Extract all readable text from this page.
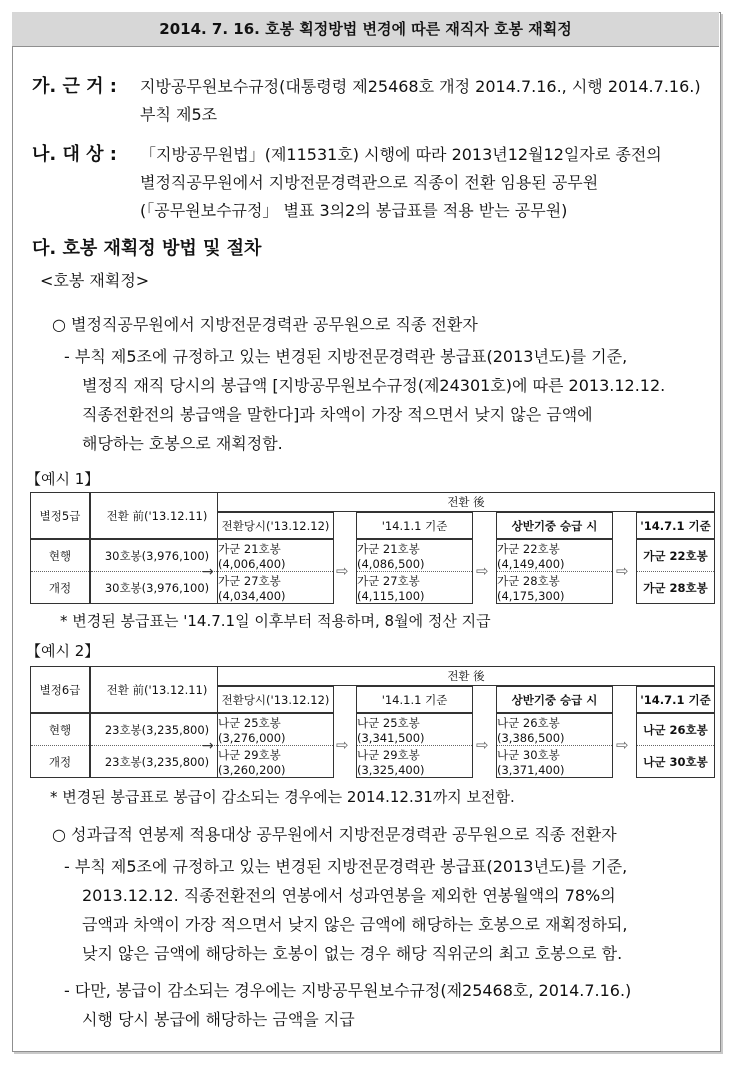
2014. 7. 16. 호봉 획정방법 변경에 따른 재직자 호봉 재획정
가. 근 거 : 지방공무원보수규정(대통령령 제25468호 개정 2014.7.16., 시행 2014.7.16.)
부칙 제5조
나. 대 상 : 「지방공무원법」(제11531호) 시행에 따라 2013년12월12일자로 종전의
별정직공무원에서 지방전문경력관으로 직종이 전환 임용된 공무원
(「공무원보수규정」 별표 3의2의 봉급표를 적용 받는 공무원)
다. 호봉 재획정 방법 및 절차
<호봉 재획정>
○ 별정직공무원에서 지방전문경력관 공무원으로 직종 전환자
- 부칙 제5조에 규정하고 있는 변경된 지방전문경력관 봉급표(2013년도)를 기준,
별정직 재직 당시의 봉급액 [지방공무원보수규정(제24301호)에 따른 2013.12.12.
직종전환전의 봉급액을 말한다]과 차액이 가장 적으면서 낮지 않은 금액에
해당하는 호봉으로 재획정함.
【예시 1】
별정5급	전환 前('13.12.11)
현행
개정
30호봉(3,976,100)
30호봉(3,976,100)
→
전환 後
전환당시('13.12.12)
가군 21호봉(4,006,400)
가군 27호봉(4,034,400)
⇨
'14.1.1 기준
가군 21호봉(4,086,500)
가군 27호봉(4,115,100)
⇨
상반기중 승급 시
가군 22호봉(4,149,400)
가군 28호봉(4,175,300)
⇨
'14.7.1 기준
가군 22호봉
가군 28호봉
* 변경된 봉급표는 '14.7.1일 이후부터 적용하며, 8월에 정산 지급
【예시 2】
별정6급	전환 前('13.12.11)
현행
개정
23호봉(3,235,800)
23호봉(3,235,800)
→
전환 後
전환당시('13.12.12)
나군 25호봉(3,276,000)
나군 29호봉(3,260,200)
⇨
'14.1.1 기준
나군 25호봉(3,341,500)
나군 29호봉(3,325,400)
⇨
상반기중 승급 시
나군 26호봉(3,386,500)
나군 30호봉(3,371,400)
⇨
'14.7.1 기준
나군 26호봉
나군 30호봉
* 변경된 봉급표로 봉급이 감소되는 경우에는 2014.12.31까지 보전함.
○ 성과급적 연봉제 적용대상 공무원에서 지방전문경력관 공무원으로 직종 전환자
- 부칙 제5조에 규정하고 있는 변경된 지방전문경력관 봉급표(2013년도)를 기준,
2013.12.12. 직종전환전의 연봉에서 성과연봉을 제외한 연봉월액의 78%의
금액과 차액이 가장 적으면서 낮지 않은 금액에 해당하는 호봉으로 재획정하되,
낮지 않은 금액에 해당하는 호봉이 없는 경우 해당 직위군의 최고 호봉으로 함.
- 다만, 봉급이 감소되는 경우에는 지방공무원보수규정(제25468호, 2014.7.16.)
시행 당시 봉급에 해당하는 금액을 지급
